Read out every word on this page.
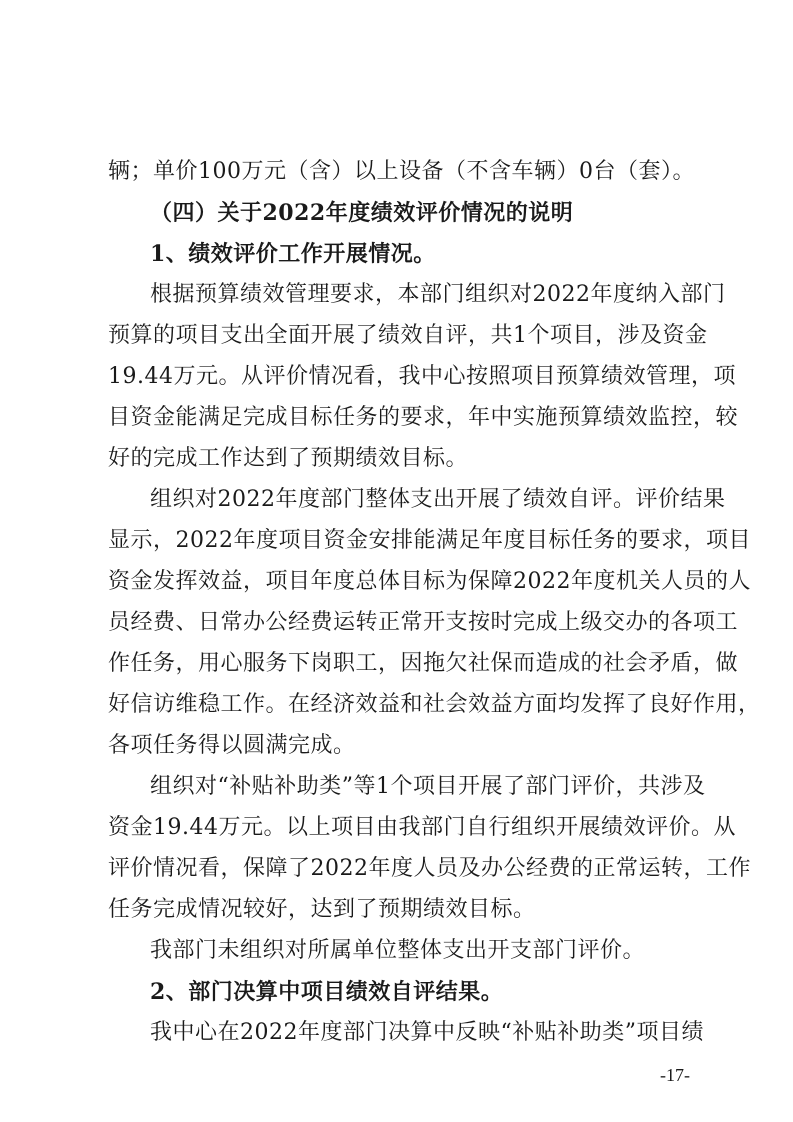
辆；单价100万元（含）以上设备（不含车辆）0台（套）。
（四）关于2022年度绩效评价情况的说明
1、绩效评价工作开展情况。
根据预算绩效管理要求，本部门组织对2022年度纳入部门
预算的项目支出全面开展了绩效自评，共1个项目，涉及资金
19.44万元。从评价情况看，我中心按照项目预算绩效管理，项
目资金能满足完成目标任务的要求，年中实施预算绩效监控，较
好的完成工作达到了预期绩效目标。
组织对2022年度部门整体支出开展了绩效自评。评价结果
显示，2022年度项目资金安排能满足年度目标任务的要求，项目
资金发挥效益，项目年度总体目标为保障2022年度机关人员的人
员经费、日常办公经费运转正常开支按时完成上级交办的各项工
作任务，用心服务下岗职工，因拖欠社保而造成的社会矛盾，做
好信访维稳工作。在经济效益和社会效益方面均发挥了良好作用，
各项任务得以圆满完成。
组织对“补贴补助类”等1个项目开展了部门评价，共涉及
资金19.44万元。以上项目由我部门自行组织开展绩效评价。从
评价情况看，保障了2022年度人员及办公经费的正常运转，工作
任务完成情况较好，达到了预期绩效目标。
我部门未组织对所属单位整体支出开支部门评价。
2、部门决算中项目绩效自评结果。
我中心在2022年度部门决算中反映“补贴补助类”项目绩
-17-
